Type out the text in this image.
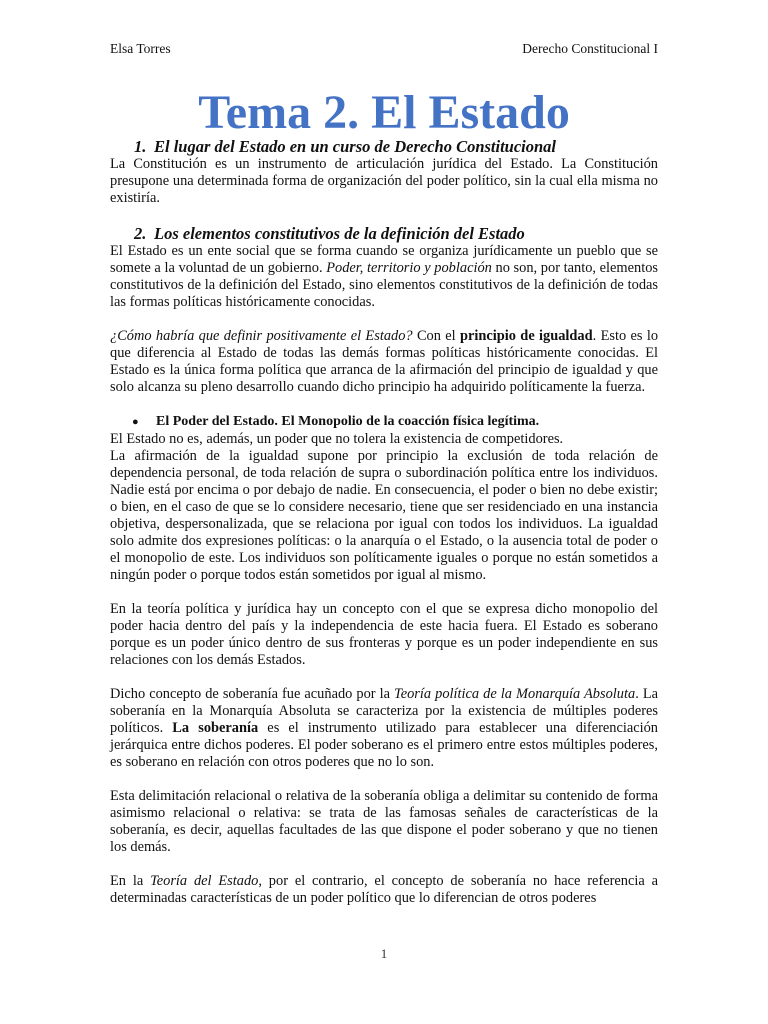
Elsa Torres	Derecho Constitucional I
Tema 2. El Estado
1. El lugar del Estado en un curso de Derecho Constitucional

La Constitución es un instrumento de articulación jurídica del Estado. La Constitución presupone una determinada forma de organización del poder político, sin la cual ella misma no existiría.

2. Los elementos constitutivos de la definición del Estado

El Estado es un ente social que se forma cuando se organiza jurídicamente un pueblo que se somete a la voluntad de un gobierno. Poder, territorio y población no son, por tanto, elementos constitutivos de la definición del Estado, sino elementos constitutivos de la definición de todas las formas políticas históricamente conocidas.

¿Cómo habría que definir positivamente el Estado? Con el principio de igualdad. Esto es lo que diferencia al Estado de todas las demás formas políticas históricamente conocidas. El Estado es la única forma política que arranca de la afirmación del principio de igualdad y que solo alcanza su pleno desarrollo cuando dicho principio ha adquirido políticamente la fuerza.

● El Poder del Estado. El Monopolio de la coacción física legítima.

El Estado no es, además, un poder que no tolera la existencia de competidores.

La afirmación de la igualdad supone por principio la exclusión de toda relación de dependencia personal, de toda relación de supra o subordinación política entre los individuos. Nadie está por encima o por debajo de nadie. En consecuencia, el poder o bien no debe existir; o bien, en el caso de que se lo considere necesario, tiene que ser residenciado en una instancia objetiva, despersonalizada, que se relaciona por igual con todos los individuos. La igualdad solo admite dos expresiones políticas: o la anarquía o el Estado, o la ausencia total de poder o el monopolio de este. Los individuos son políticamente iguales o porque no están sometidos a ningún poder o porque todos están sometidos por igual al mismo.

En la teoría política y jurídica hay un concepto con el que se expresa dicho monopolio del poder hacia dentro del país y la independencia de este hacia fuera. El Estado es soberano porque es un poder único dentro de sus fronteras y porque es un poder independiente en sus relaciones con los demás Estados.

Dicho concepto de soberanía fue acuñado por la Teoría política de la Monarquía Absoluta. La soberanía en la Monarquía Absoluta se caracteriza por la existencia de múltiples poderes políticos. La soberanía es el instrumento utilizado para establecer una diferenciación jerárquica entre dichos poderes. El poder soberano es el primero entre estos múltiples poderes, es soberano en relación con otros poderes que no lo son.

Esta delimitación relacional o relativa de la soberanía obliga a delimitar su contenido de forma asimismo relacional o relativa: se trata de las famosas señales de características de la soberanía, es decir, aquellas facultades de las que dispone el poder soberano y que no tienen los demás.

En la Teoría del Estado, por el contrario, el concepto de soberanía no hace referencia a determinadas características de un poder político que lo diferencian de otros poderes

1
